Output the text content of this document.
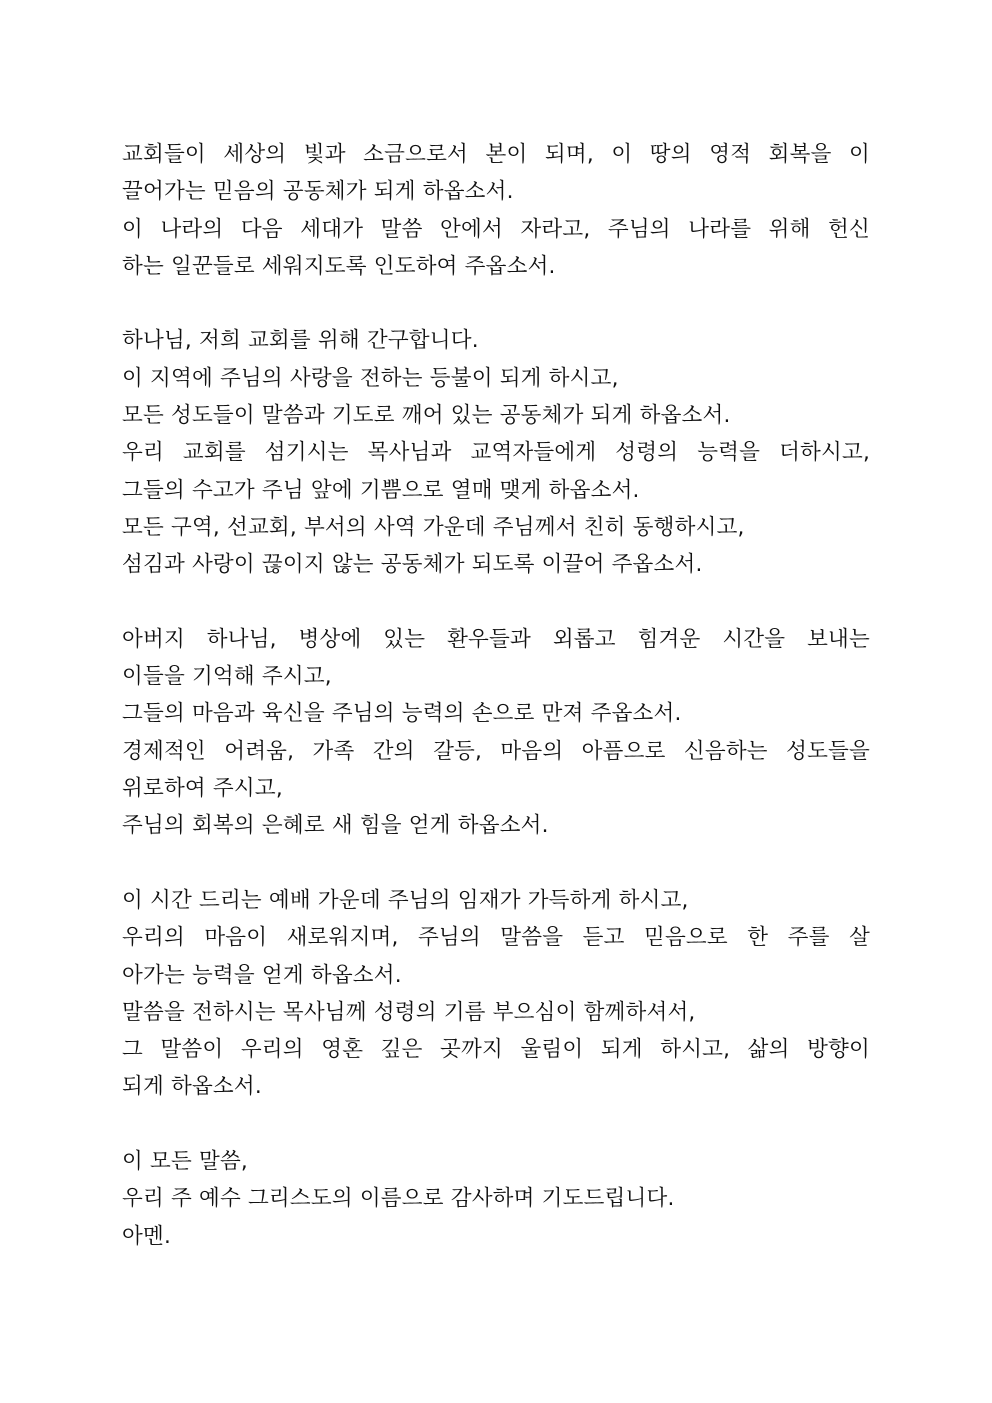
교회들이 세상의 빛과 소금으로서 본이 되며, 이 땅의 영적 회복을 이
끌어가는 믿음의 공동체가 되게 하옵소서.
이 나라의 다음 세대가 말씀 안에서 자라고, 주님의 나라를 위해 헌신
하는 일꾼들로 세워지도록 인도하여 주옵소서.
하나님, 저희 교회를 위해 간구합니다.
이 지역에 주님의 사랑을 전하는 등불이 되게 하시고,
모든 성도들이 말씀과 기도로 깨어 있는 공동체가 되게 하옵소서.
우리 교회를 섬기시는 목사님과 교역자들에게 성령의 능력을 더하시고,
그들의 수고가 주님 앞에 기쁨으로 열매 맺게 하옵소서.
모든 구역, 선교회, 부서의 사역 가운데 주님께서 친히 동행하시고,
섬김과 사랑이 끊이지 않는 공동체가 되도록 이끌어 주옵소서.
아버지 하나님, 병상에 있는 환우들과 외롭고 힘겨운 시간을 보내는
이들을 기억해 주시고,
그들의 마음과 육신을 주님의 능력의 손으로 만져 주옵소서.
경제적인 어려움, 가족 간의 갈등, 마음의 아픔으로 신음하는 성도들을
위로하여 주시고,
주님의 회복의 은혜로 새 힘을 얻게 하옵소서.
이 시간 드리는 예배 가운데 주님의 임재가 가득하게 하시고,
우리의 마음이 새로워지며, 주님의 말씀을 듣고 믿음으로 한 주를 살
아가는 능력을 얻게 하옵소서.
말씀을 전하시는 목사님께 성령의 기름 부으심이 함께하셔서,
그 말씀이 우리의 영혼 깊은 곳까지 울림이 되게 하시고, 삶의 방향이
되게 하옵소서.
이 모든 말씀,
우리 주 예수 그리스도의 이름으로 감사하며 기도드립니다.
아멘.
